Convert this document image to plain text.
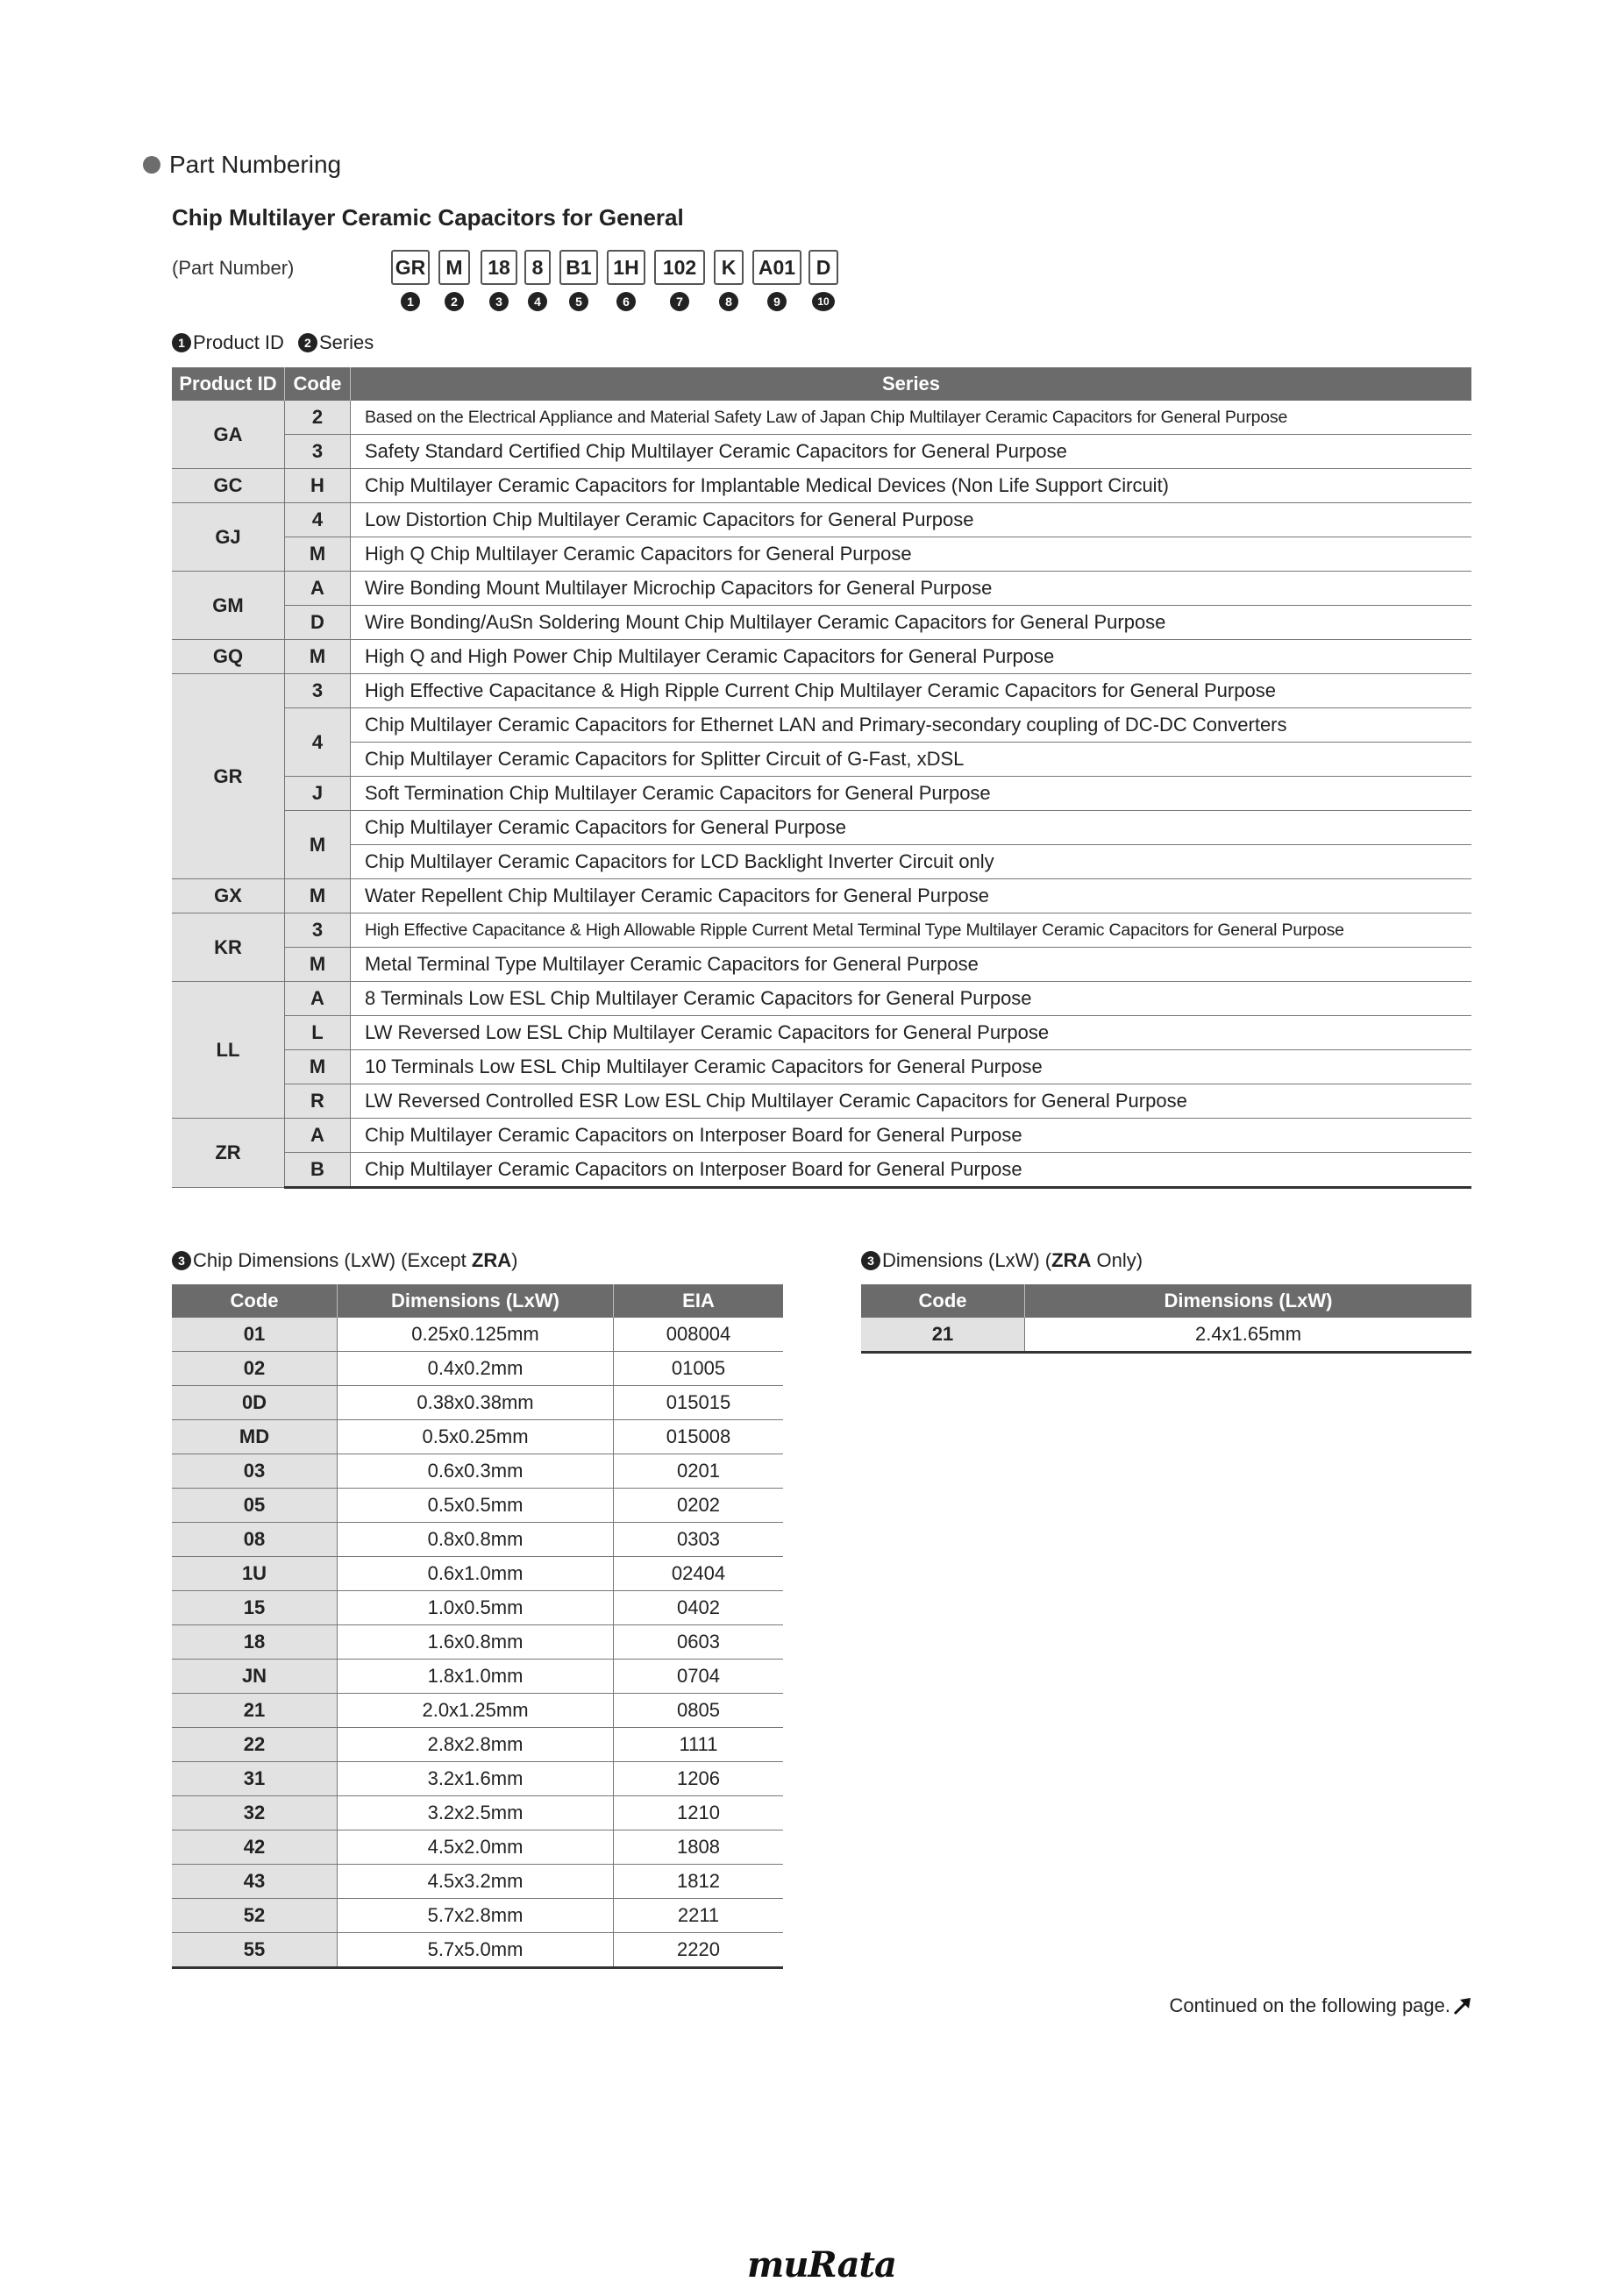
Part Numbering
Chip Multilayer Ceramic Capacitors for General
(Part Number)	GR	M	18	8	B1	1H	102	K	A01	D
1	2	3	4	5	6	7	8	9	10
1 Product ID	2 Series
Product ID	Code	Series
GA	2	Based on the Electrical Appliance and Material Safety Law of Japan Chip Multilayer Ceramic Capacitors for General Purpose
	3	Safety Standard Certified Chip Multilayer Ceramic Capacitors for General Purpose
GC	H	Chip Multilayer Ceramic Capacitors for Implantable Medical Devices (Non Life Support Circuit)
GJ	4	Low Distortion Chip Multilayer Ceramic Capacitors for General Purpose
	M	High Q Chip Multilayer Ceramic Capacitors for General Purpose
GM	A	Wire Bonding Mount Multilayer Microchip Capacitors for General Purpose
	D	Wire Bonding/AuSn Soldering Mount Chip Multilayer Ceramic Capacitors for General Purpose
GQ	M	High Q and High Power Chip Multilayer Ceramic Capacitors for General Purpose
GR	3	High Effective Capacitance & High Ripple Current Chip Multilayer Ceramic Capacitors for General Purpose
	4	Chip Multilayer Ceramic Capacitors for Ethernet LAN and Primary-secondary coupling of DC-DC Converters
		Chip Multilayer Ceramic Capacitors for Splitter Circuit of G-Fast, xDSL
	J	Soft Termination Chip Multilayer Ceramic Capacitors for General Purpose
	M	Chip Multilayer Ceramic Capacitors for General Purpose
		Chip Multilayer Ceramic Capacitors for LCD Backlight Inverter Circuit only
GX	M	Water Repellent Chip Multilayer Ceramic Capacitors for General Purpose
KR	3	High Effective Capacitance & High Allowable Ripple Current Metal Terminal Type Multilayer Ceramic Capacitors for General Purpose
	M	Metal Terminal Type Multilayer Ceramic Capacitors for General Purpose
LL	A	8 Terminals Low ESL Chip Multilayer Ceramic Capacitors for General Purpose
	L	LW Reversed Low ESL Chip Multilayer Ceramic Capacitors for General Purpose
	M	10 Terminals Low ESL Chip Multilayer Ceramic Capacitors for General Purpose
	R	LW Reversed Controlled ESR Low ESL Chip Multilayer Ceramic Capacitors for General Purpose
ZR	A	Chip Multilayer Ceramic Capacitors on Interposer Board for General Purpose
	B	Chip Multilayer Ceramic Capacitors on Interposer Board for General Purpose
3 Chip Dimensions (LxW) (Except ZRA )
Code	Dimensions (LxW)	EIA
01	0.25x0.125mm	008004
02	0.4x0.2mm	01005
0D	0.38x0.38mm	015015
MD	0.5x0.25mm	015008
03	0.6x0.3mm	0201
05	0.5x0.5mm	0202
08	0.8x0.8mm	0303
1U	0.6x1.0mm	02404
15	1.0x0.5mm	0402
18	1.6x0.8mm	0603
JN	1.8x1.0mm	0704
21	2.0x1.25mm	0805
22	2.8x2.8mm	1111
31	3.2x1.6mm	1206
32	3.2x2.5mm	1210
42	4.5x2.0mm	1808
43	4.5x3.2mm	1812
52	5.7x2.8mm	2211
55	5.7x5.0mm	2220
3 Dimensions (LxW) ( ZRA Only)
Code	Dimensions (LxW)
21	2.4x1.65mm
Continued on the following page.
muRata
